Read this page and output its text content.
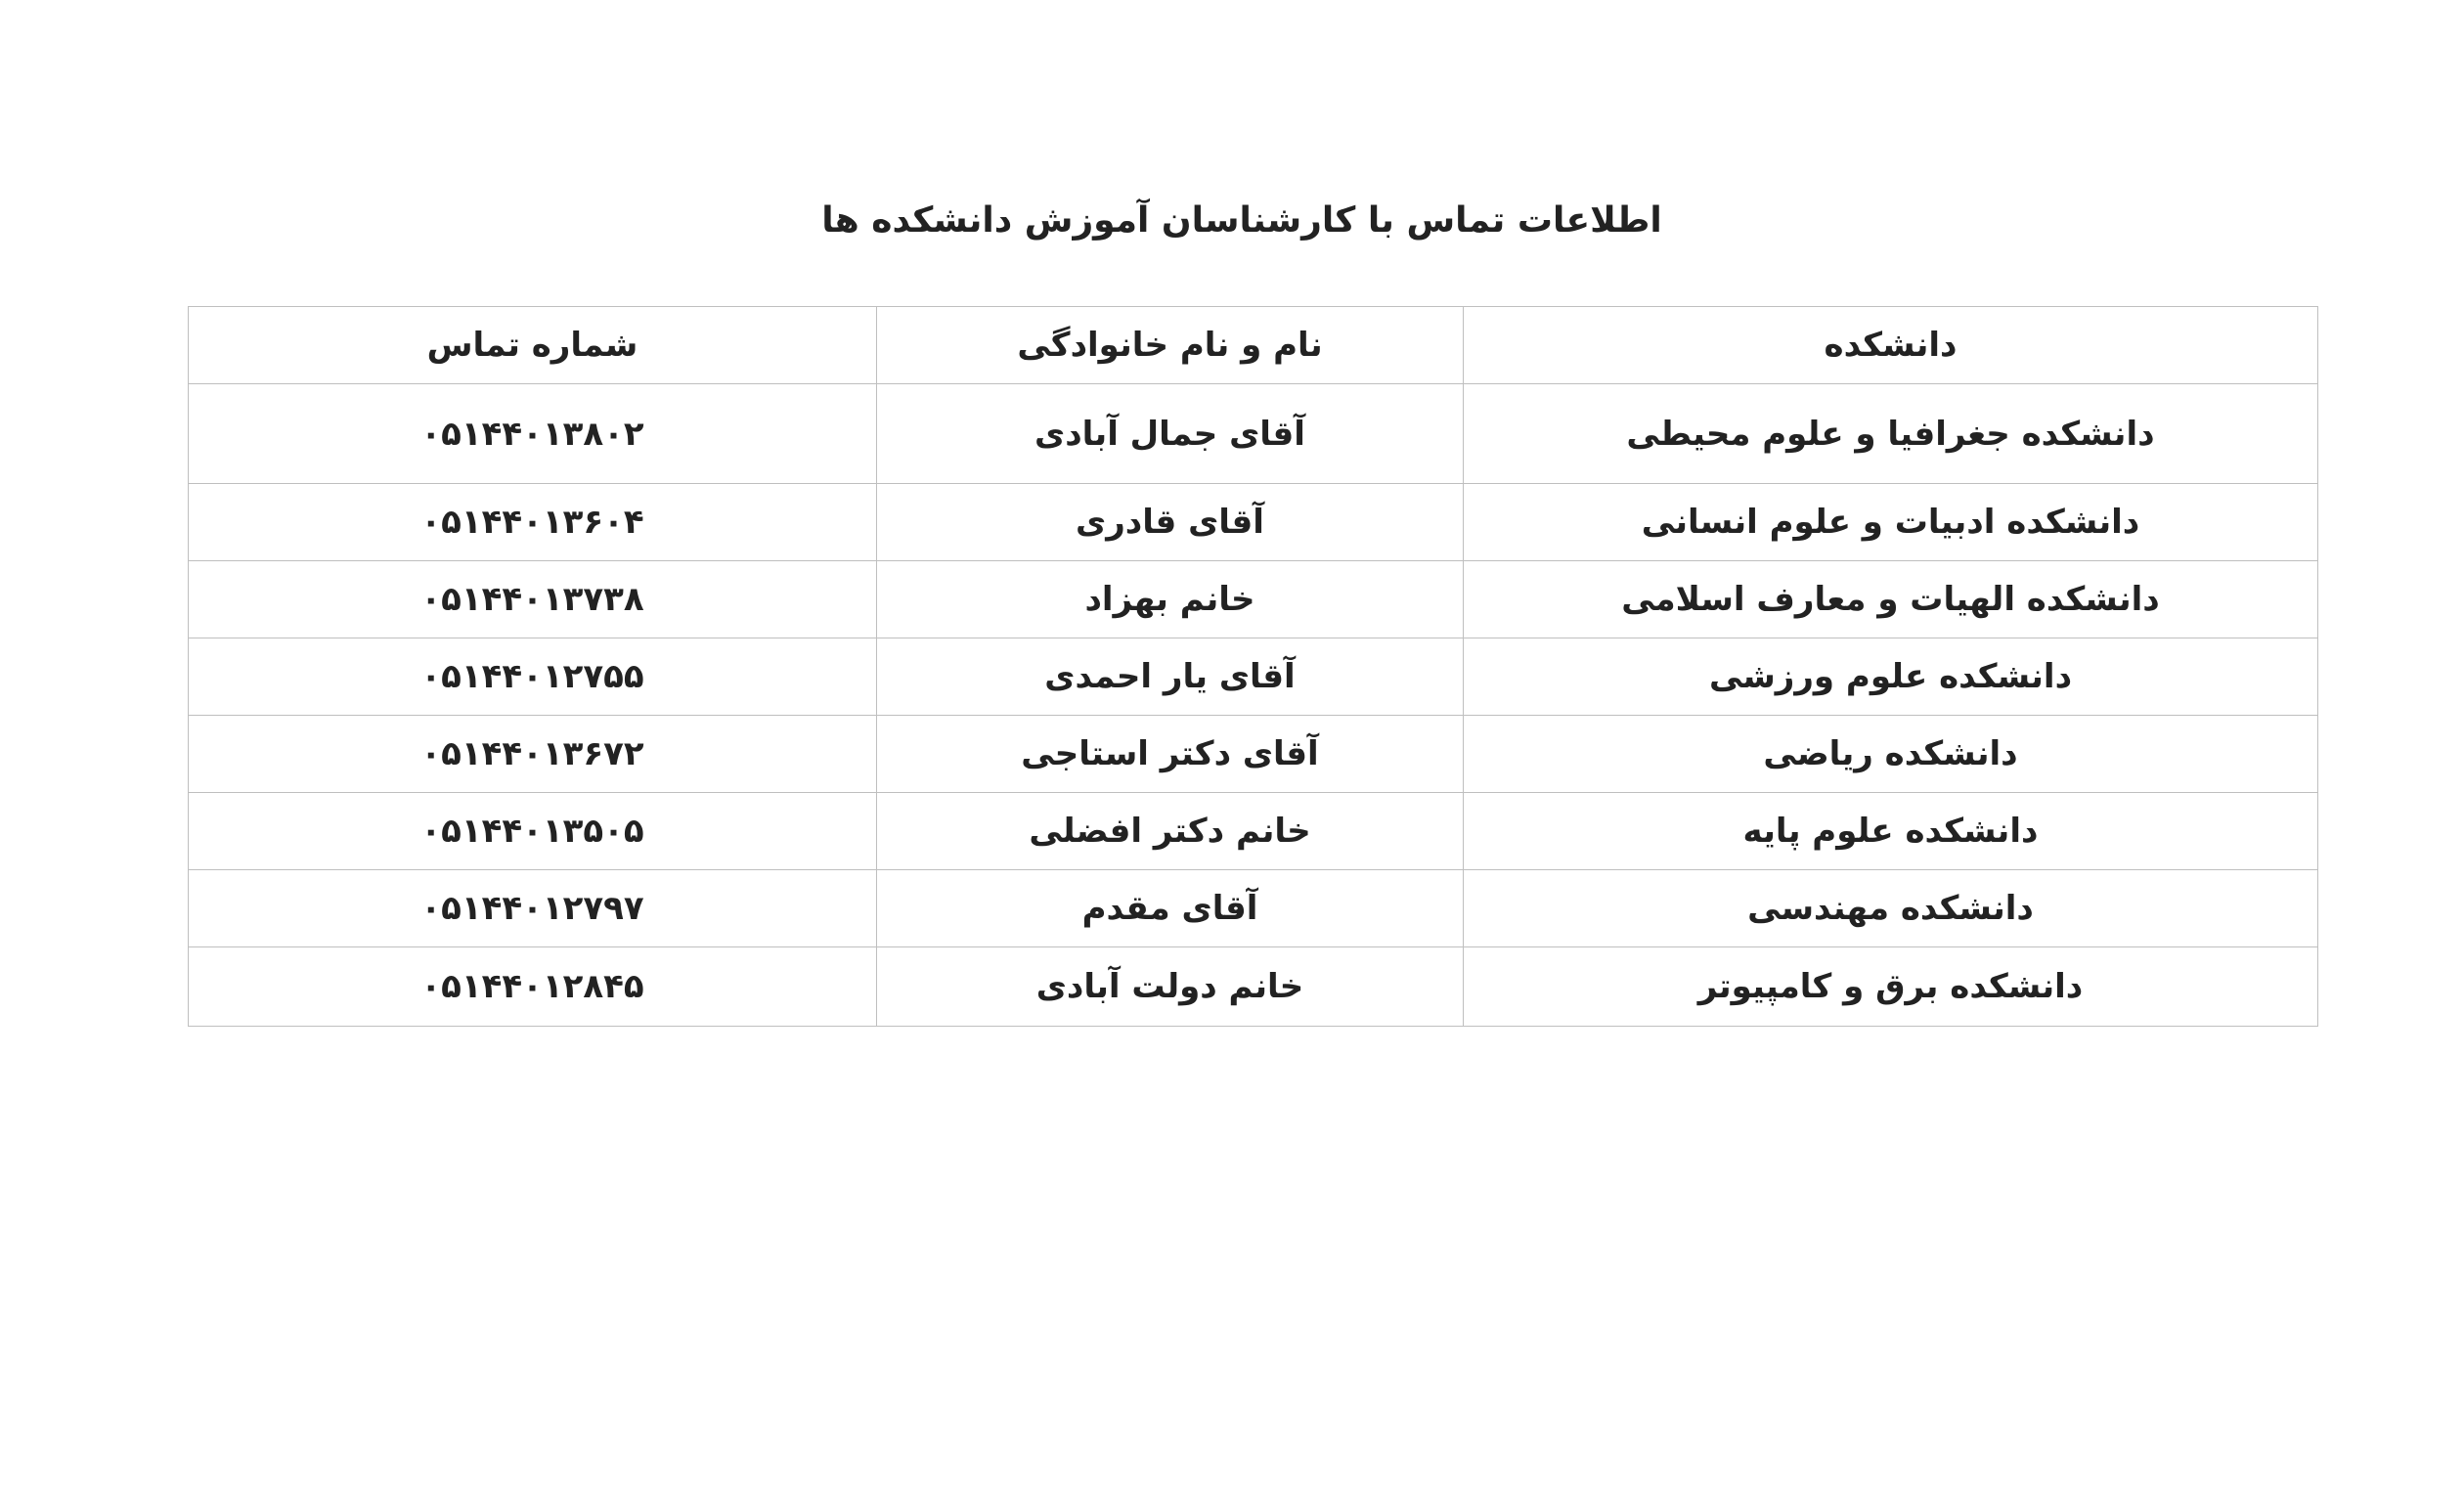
اطلاعات تماس با کارشناسان آموزش دانشکده ها
دانشکده	نام و نام خانوادگی	شماره تماس
دانشکده جغرافیا و علوم محیطی	آقای جمال آبادی	۰۵۱۴۴۰۱۳۸۰۲
دانشکده ادبیات و علوم انسانی	آقای قادری	۰۵۱۴۴۰۱۳۶۰۴
دانشکده الهیات و معارف اسلامی	خانم بهزاد	۰۵۱۴۴۰۱۳۷۳۸
دانشکده علوم ورزشی	آقای یار احمدی	۰۵۱۴۴۰۱۲۷۵۵
دانشکده ریاضی	آقای دکتر استاجی	۰۵۱۴۴۰۱۳۶۷۲
دانشکده علوم پایه	خانم دکتر افضلی	۰۵۱۴۴۰۱۳۵۰۵
دانشکده مهندسی	آقای مقدم	۰۵۱۴۴۰۱۲۷۹۷
دانشکده برق و کامپیوتر	خانم دولت آبادی	۰۵۱۴۴۰۱۲۸۴۵
